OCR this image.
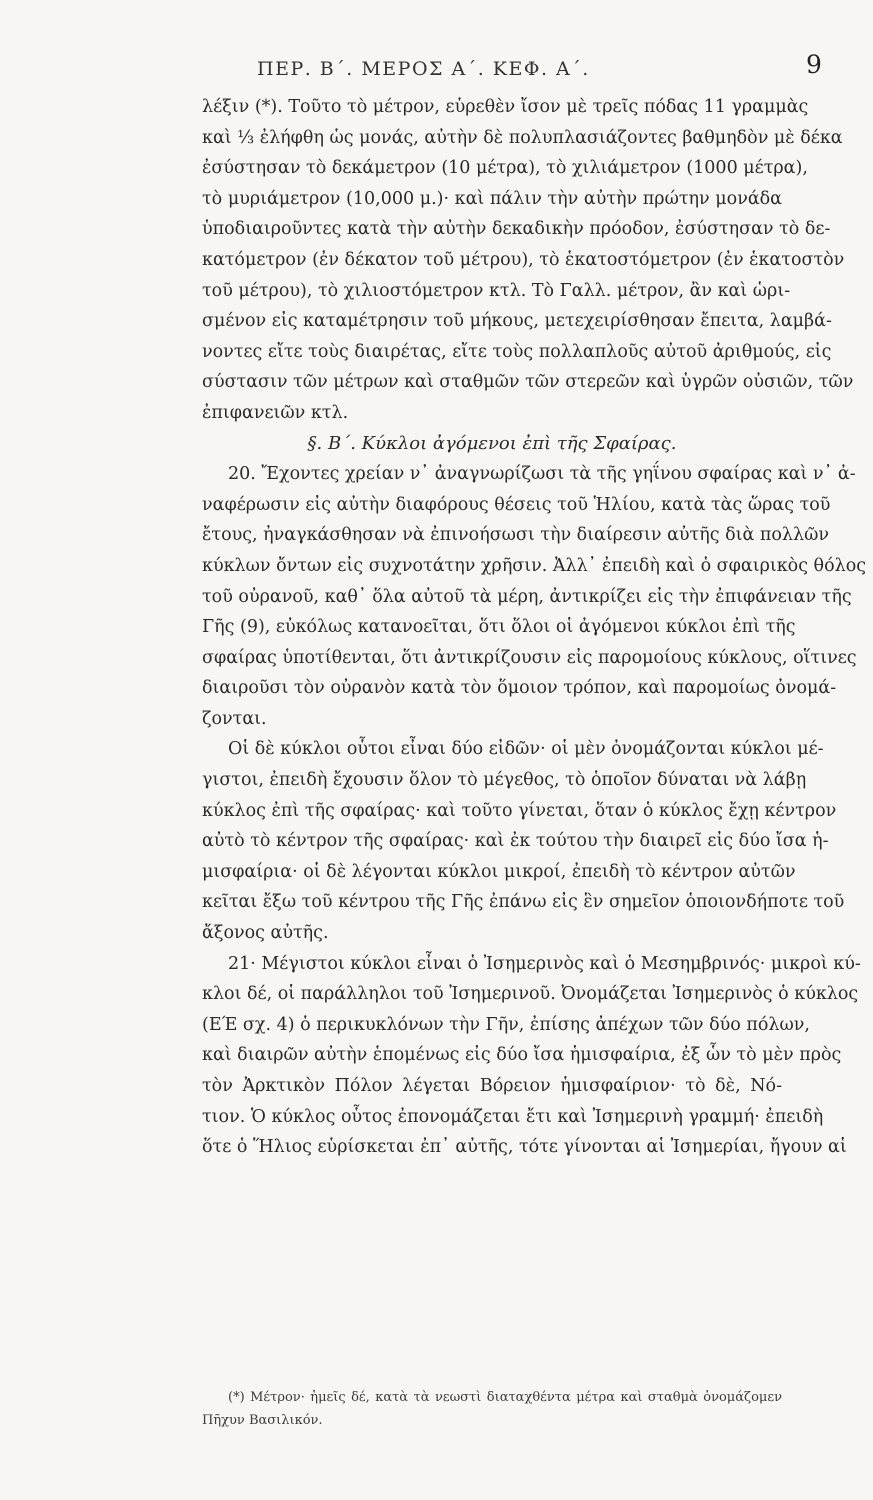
ΠΕΡ. Β΄. ΜΕΡΟΣ Α΄. ΚΕΦ. Α΄.	9
λέξιν (*). Τοῦτο τὸ μέτρον, εὑρεθὲν ἴσον μὲ τρεῖς πόδας 11 γραμμὰς
καὶ ⅓ ἐλήφθη ὡς μονάς, αὐτὴν δὲ πολυπλασιάζοντες βαθμηδὸν μὲ δέκα
ἐσύστησαν τὸ δεκάμετρον (10 μέτρα), τὸ χιλιάμετρον (1000 μέτρα),
τὸ μυριάμετρον (10,000 μ.)· καὶ πάλιν τὴν αὐτὴν πρώτην μονάδα
ὑποδιαιροῦντες κατὰ τὴν αὐτὴν δεκαδικὴν πρόοδον, ἐσύστησαν τὸ δε-
κατόμετρον (ἐν δέκατον τοῦ μέτρου), τὸ ἑκατοστόμετρον (ἐν ἑκατοστὸν
τοῦ μέτρου), τὸ χιλιοστόμετρον κτλ. Τὸ Γαλλ. μέτρον, ἂν καὶ ὡρι-
σμένον εἰς καταμέτρησιν τοῦ μήκους, μετεχειρίσθησαν ἔπειτα, λαμβά-
νοντες εἴτε τοὺς διαιρέτας, εἴτε τοὺς πολλαπλοῦς αὐτοῦ ἀριθμούς, εἰς
σύστασιν τῶν μέτρων καὶ σταθμῶν τῶν στερεῶν καὶ ὑγρῶν οὐσιῶν, τῶν
ἐπιφανειῶν κτλ.
§. Β΄. Κύκλοι ἀγόμενοι ἐπὶ τῆς Σφαίρας.
20. Ἔχοντες χρείαν ν᾽ ἀναγνωρίζωσι τὰ τῆς γηΐνου σφαίρας καὶ ν᾽ ἀ-
ναφέρωσιν εἰς αὐτὴν διαφόρους θέσεις τοῦ Ἡλίου, κατὰ τὰς ὥρας τοῦ
ἔτους, ἠναγκάσθησαν νὰ ἐπινοήσωσι τὴν διαίρεσιν αὐτῆς διὰ πολλῶν
κύκλων ὄντων εἰς συχνοτάτην χρῆσιν. Ἀλλ᾽ ἐπειδὴ καὶ ὁ σφαιρικὸς θόλος
τοῦ οὐρανοῦ, καθ᾽ ὅλα αὐτοῦ τὰ μέρη, ἀντικρίζει εἰς τὴν ἐπιφάνειαν τῆς
Γῆς (9), εὐκόλως κατανοεῖται, ὅτι ὅλοι οἱ ἀγόμενοι κύκλοι ἐπὶ τῆς
σφαίρας ὑποτίθενται, ὅτι ἀντικρίζουσιν εἰς παρομοίους κύκλους, οἵτινες
διαιροῦσι τὸν οὐρανὸν κατὰ τὸν ὅμοιον τρόπον, καὶ παρομοίως ὀνομά-
ζονται.
Οἱ δὲ κύκλοι οὗτοι εἶναι δύο εἰδῶν· οἱ μὲν ὀνομάζονται κύκλοι μέ-
γιστοι, ἐπειδὴ ἔχουσιν ὅλον τὸ μέγεθος, τὸ ὁποῖον δύναται νὰ λάβῃ
κύκλος ἐπὶ τῆς σφαίρας· καὶ τοῦτο γίνεται, ὅταν ὁ κύκλος ἔχῃ κέντρον
αὐτὸ τὸ κέντρον τῆς σφαίρας· καὶ ἐκ τούτου τὴν διαιρεῖ εἰς δύο ἴσα ἡ-
μισφαίρια· οἱ δὲ λέγονται κύκλοι μικροί, ἐπειδὴ τὸ κέντρον αὐτῶν
κεῖται ἔξω τοῦ κέντρου τῆς Γῆς ἐπάνω εἰς ἓν σημεῖον ὁποιονδήποτε τοῦ
ἄξονος αὐτῆς.
21· Μέγιστοι κύκλοι εἶναι ὁ Ἰσημερινὸς καὶ ὁ Μεσημβρινός· μικροὶ κύ-
κλοι δέ, οἱ παράλληλοι τοῦ Ἰσημερινοῦ. Ὀνομάζεται Ἰσημερινὸς ὁ κύκλος
(ΕΈ σχ. 4) ὁ περικυκλόνων τὴν Γῆν, ἐπίσης ἀπέχων τῶν δύο πόλων,
καὶ διαιρῶν αὐτὴν ἑπομένως εἰς δύο ἴσα ἡμισφαίρια, ἐξ ὧν τὸ μὲν πρὸς
τὸν Ἀρκτικὸν Πόλον λέγεται Βόρειον ἡμισφαίριον· τὸ δὲ, Νό-
τιον. Ὁ κύκλος οὗτος ἐπονομάζεται ἔτι καὶ Ἰσημερινὴ γραμμή· ἐπειδὴ
ὅτε ὁ Ἥλιος εὑρίσκεται ἐπ᾽ αὐτῆς, τότε γίνονται αἱ Ἰσημερίαι, ἤγουν αἱ
(*) Μέτρον· ἡμεῖς δέ, κατὰ τὰ νεωστὶ διαταχθέντα μέτρα καὶ σταθμὰ ὀνομάζομεν
Πῆχυν Βασιλικόν.
